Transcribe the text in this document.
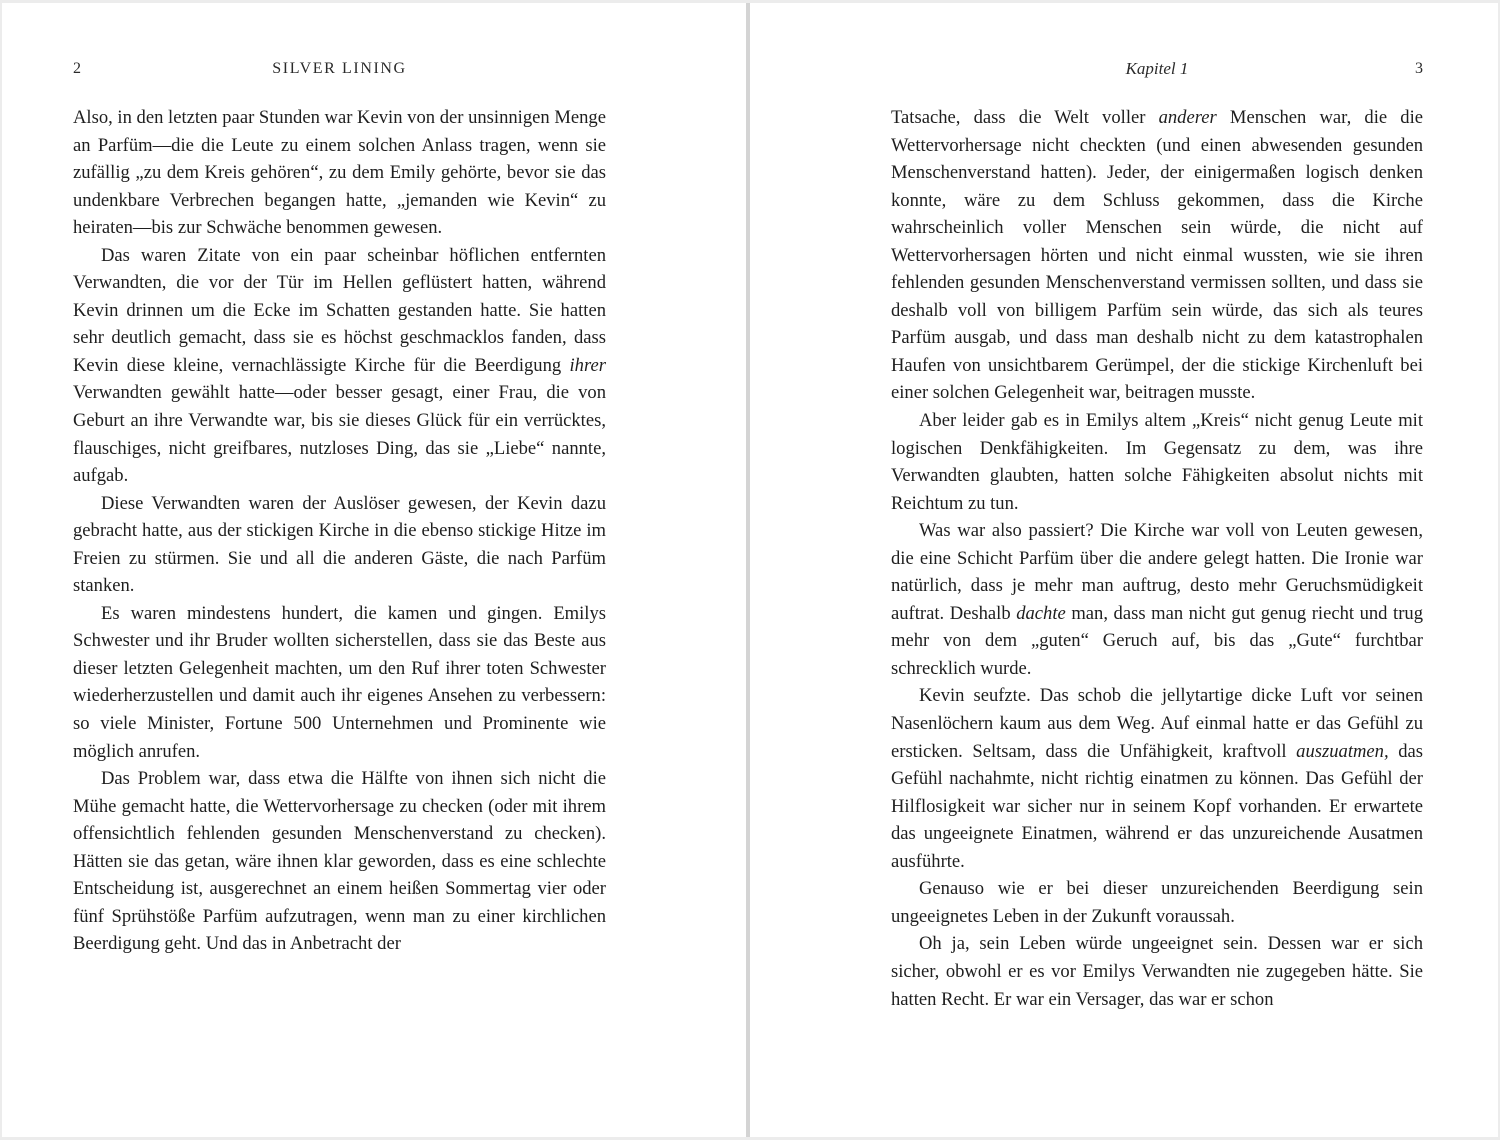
2	SILVER LINING

Also, in den letzten paar Stunden war Kevin von der unsinnigen Menge an Parfüm—die die Leute zu einem solchen Anlass tragen, wenn sie zufällig „zu dem Kreis gehören“, zu dem Emily gehörte, bevor sie das undenkbare Verbrechen begangen hatte, „jemanden wie Kevin“ zu heiraten—bis zur Schwäche benommen gewesen.

Das waren Zitate von ein paar scheinbar höflichen entfernten Verwandten, die vor der Tür im Hellen geflüstert hatten, während Kevin drinnen um die Ecke im Schatten gestanden hatte. Sie hatten sehr deutlich gemacht, dass sie es höchst geschmacklos fanden, dass Kevin diese kleine, vernachlässigte Kirche für die Beerdigung ihrer Verwandten gewählt hatte—oder besser gesagt, einer Frau, die von Geburt an ihre Verwandte war, bis sie dieses Glück für ein verrücktes, flauschiges, nicht greifbares, nutzloses Ding, das sie „Liebe“ nannte, aufgab.

Diese Verwandten waren der Auslöser gewesen, der Kevin dazu gebracht hatte, aus der stickigen Kirche in die ebenso stickige Hitze im Freien zu stürmen. Sie und all die anderen Gäste, die nach Parfüm stanken.

Es waren mindestens hundert, die kamen und gingen. Emilys Schwester und ihr Bruder wollten sicherstellen, dass sie das Beste aus dieser letzten Gelegenheit machten, um den Ruf ihrer toten Schwester wiederherzustellen und damit auch ihr eigenes Ansehen zu verbessern: so viele Minister, Fortune 500 Unternehmen und Prominente wie möglich anrufen.

Das Problem war, dass etwa die Hälfte von ihnen sich nicht die Mühe gemacht hatte, die Wettervorhersage zu checken (oder mit ihrem offensichtlich fehlenden gesunden Menschenverstand zu checken). Hätten sie das getan, wäre ihnen klar geworden, dass es eine schlechte Entscheidung ist, ausgerechnet an einem heißen Sommertag vier oder fünf Sprühstöße Parfüm aufzutragen, wenn man zu einer kirchlichen Beerdigung geht. Und das in Anbetracht der

Kapitel 1	3

Tatsache, dass die Welt voller anderer Menschen war, die die Wettervorhersage nicht checkten (und einen abwesenden gesunden Menschenverstand hatten). Jeder, der einigermaßen logisch denken konnte, wäre zu dem Schluss gekommen, dass die Kirche wahrscheinlich voller Menschen sein würde, die nicht auf Wettervorhersagen hörten und nicht einmal wussten, wie sie ihren fehlenden gesunden Menschenverstand vermissen sollten, und dass sie deshalb voll von billigem Parfüm sein würde, das sich als teures Parfüm ausgab, und dass man deshalb nicht zu dem katastrophalen Haufen von unsichtbarem Gerümpel, der die stickige Kirchenluft bei einer solchen Gelegenheit war, beitragen musste.

Aber leider gab es in Emilys altem „Kreis“ nicht genug Leute mit logischen Denkfähigkeiten. Im Gegensatz zu dem, was ihre Verwandten glaubten, hatten solche Fähigkeiten absolut nichts mit Reichtum zu tun.

Was war also passiert? Die Kirche war voll von Leuten gewesen, die eine Schicht Parfüm über die andere gelegt hatten. Die Ironie war natürlich, dass je mehr man auftrug, desto mehr Geruchsmüdigkeit auftrat. Deshalb dachte man, dass man nicht gut genug riecht und trug mehr von dem „guten“ Geruch auf, bis das „Gute“ furchtbar schrecklich wurde.

Kevin seufzte. Das schob die jellytartige dicke Luft vor seinen Nasenlöchern kaum aus dem Weg. Auf einmal hatte er das Gefühl zu ersticken. Seltsam, dass die Unfähigkeit, kraftvoll auszuatmen, das Gefühl nachahmte, nicht richtig einatmen zu können. Das Gefühl der Hilflosigkeit war sicher nur in seinem Kopf vorhanden. Er erwartete das ungeeignete Einatmen, während er das unzureichende Ausatmen ausführte.

Genauso wie er bei dieser unzureichenden Beerdigung sein ungeeignetes Leben in der Zukunft voraussah.

Oh ja, sein Leben würde ungeeignet sein. Dessen war er sich sicher, obwohl er es vor Emilys Verwandten nie zugegeben hätte. Sie hatten Recht. Er war ein Versager, das war er schon
